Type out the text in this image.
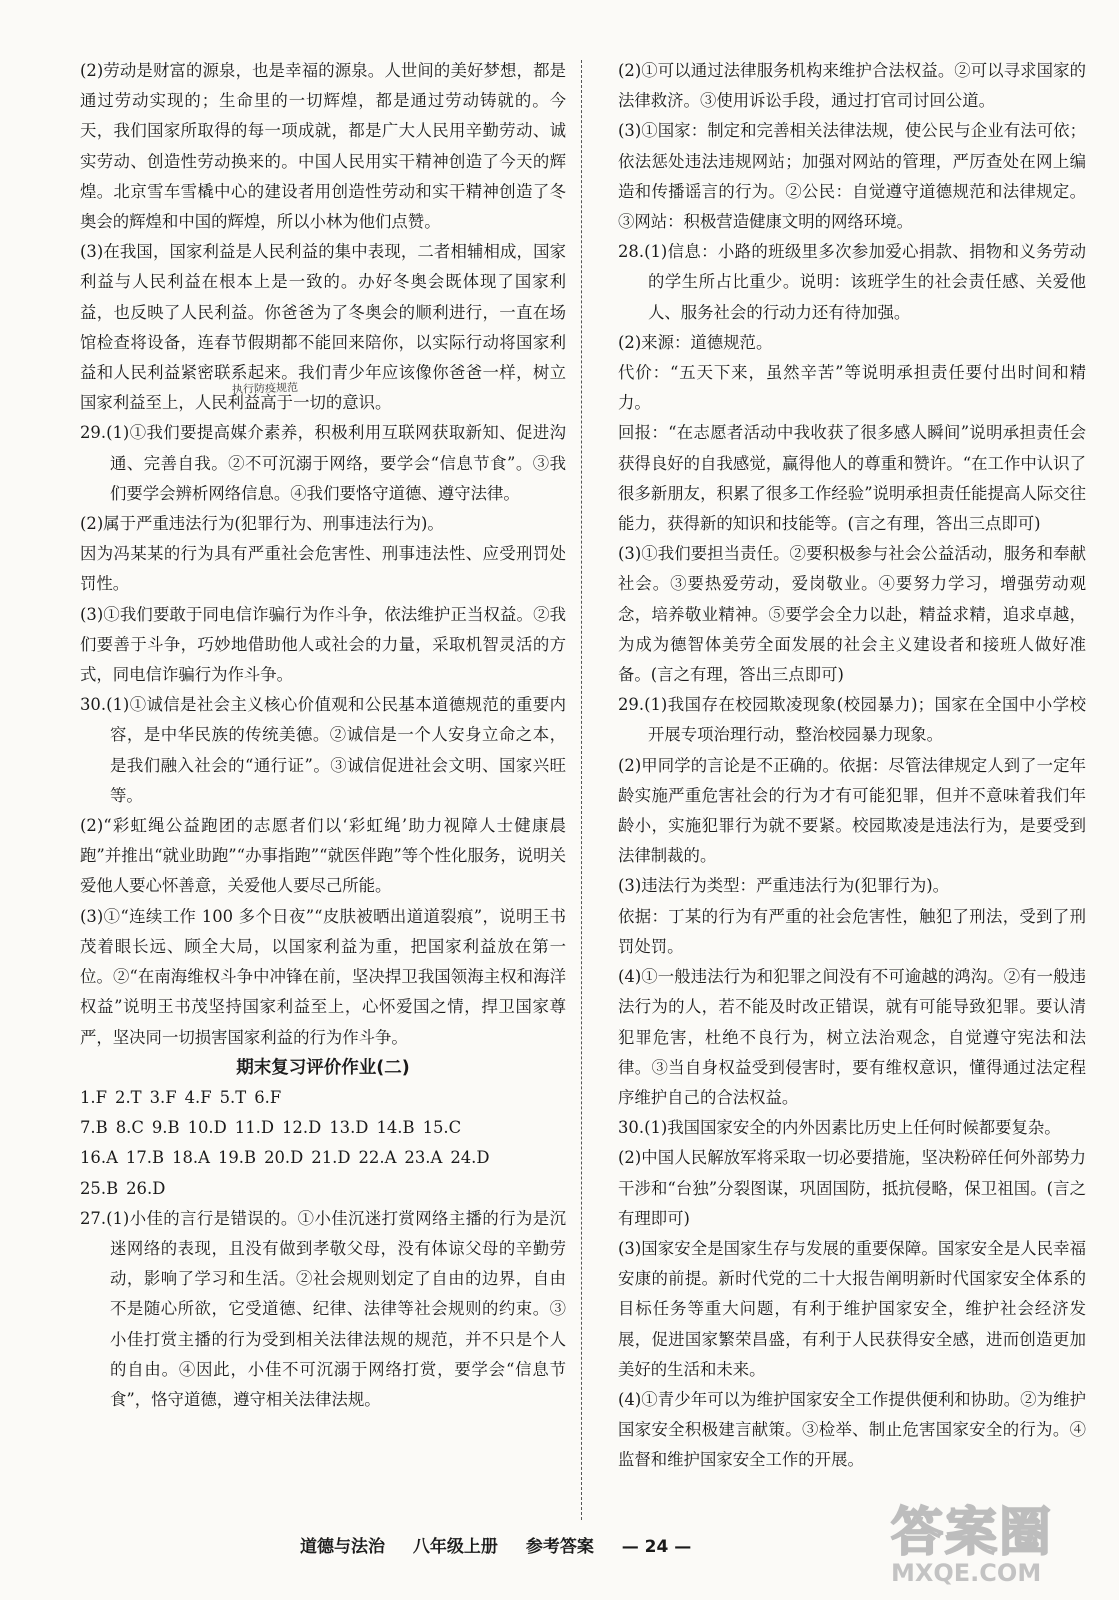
(2)劳动是财富的源泉，也是幸福的源泉。人世间的美好梦想，都是通过劳动实现的；生命里的一切辉煌，都是通过劳动铸就的。今天，我们国家所取得的每一项成就，都是广大人民用辛勤劳动、诚实劳动、创造性劳动换来的。中国人民用实干精神创造了今天的辉煌。北京雪车雪橇中心的建设者用创造性劳动和实干精神创造了冬奥会的辉煌和中国的辉煌，所以小林为他们点赞。

(3)在我国，国家利益是人民利益的集中表现，二者相辅相成，国家利益与人民利益在根本上是一致的。办好冬奥会既体现了国家利益，也反映了人民利益。你爸爸为了冬奥会的顺利进行，一直在场馆检查将设备，连春节假期都不能回来陪你，以实际行动将国家利益和人民利益紧密联系起来。我们青少年应该像你爸爸一样，树立国家利益至上，人民利益高于一切的意识。

29.(1)①我们要提高媒介素养，积极利用互联网获取新知、促进沟通、完善自我。②不可沉溺于网络，要学会“信息节食”。③我们要学会辨析网络信息。④我们要恪守道德、遵守法律。

(2)属于严重违法行为(犯罪行为、刑事违法行为)。

因为冯某某的行为具有严重社会危害性、刑事违法性、应受刑罚处罚性。

(3)①我们要敢于同电信诈骗行为作斗争，依法维护正当权益。②我们要善于斗争，巧妙地借助他人或社会的力量，采取机智灵活的方式，同电信诈骗行为作斗争。

30.(1)①诚信是社会主义核心价值观和公民基本道德规范的重要内容，是中华民族的传统美德。②诚信是一个人安身立命之本，是我们融入社会的“通行证”。③诚信促进社会文明、国家兴旺等。

(2)“彩虹绳公益跑团的志愿者们以‘彩虹绳’助力视障人士健康晨跑”并推出“就业助跑”“办事指跑”“就医伴跑”等个性化服务，说明关爱他人要心怀善意，关爱他人要尽己所能。

(3)①“连续工作 100 多个日夜”“皮肤被晒出道道裂痕”，说明王书茂着眼长远、顾全大局，以国家利益为重，把国家利益放在第一位。②“在南海维权斗争中冲锋在前，坚决捍卫我国领海主权和海洋权益”说明王书茂坚持国家利益至上，心怀爱国之情，捍卫国家尊严，坚决同一切损害国家利益的行为作斗争。

期末复习评价作业(二)

1.F 2.T 3.F 4.F 5.T 6.F

7.B 8.C 9.B 10.D 11.D 12.D 13.D 14.B 15.C

16.A 17.B 18.A 19.B 20.D 21.D 22.A 23.A 24.D

25.B 26.D

27.(1)小佳的言行是错误的。①小佳沉迷打赏网络主播的行为是沉迷网络的表现，且没有做到孝敬父母，没有体谅父母的辛勤劳动，影响了学习和生活。②社会规则划定了自由的边界，自由不是随心所欲，它受道德、纪律、法律等社会规则的约束。③小佳打赏主播的行为受到相关法律法规的规范，并不只是个人的自由。④因此，小佳不可沉溺于网络打赏，要学会“信息节食”，恪守道德，遵守相关法律法规。

(2)①可以通过法律服务机构来维护合法权益。②可以寻求国家的法律救济。③使用诉讼手段，通过打官司讨回公道。

(3)①国家：制定和完善相关法律法规，使公民与企业有法可依；依法惩处违法违规网站；加强对网站的管理，严厉查处在网上编造和传播谣言的行为。②公民：自觉遵守道德规范和法律规定。③网站：积极营造健康文明的网络环境。

28.(1)信息：小路的班级里多次参加爱心捐款、捐物和义务劳动的学生所占比重少。说明：该班学生的社会责任感、关爱他人、服务社会的行动力还有待加强。

(2)来源：道德规范。

代价：“五天下来，虽然辛苦”等说明承担责任要付出时间和精力。

回报：“在志愿者活动中我收获了很多感人瞬间”说明承担责任会获得良好的自我感觉，赢得他人的尊重和赞许。“在工作中认识了很多新朋友，积累了很多工作经验”说明承担责任能提高人际交往能力，获得新的知识和技能等。(言之有理，答出三点即可)

(3)①我们要担当责任。②要积极参与社会公益活动，服务和奉献社会。③要热爱劳动，爱岗敬业。④要努力学习，增强劳动观念，培养敬业精神。⑤要学会全力以赴，精益求精，追求卓越，为成为德智体美劳全面发展的社会主义建设者和接班人做好准备。(言之有理，答出三点即可)

29.(1)我国存在校园欺凌现象(校园暴力)；国家在全国中小学校开展专项治理行动，整治校园暴力现象。

(2)甲同学的言论是不正确的。依据：尽管法律规定人到了一定年龄实施严重危害社会的行为才有可能犯罪，但并不意味着我们年龄小，实施犯罪行为就不要紧。校园欺凌是违法行为，是要受到法律制裁的。

(3)违法行为类型：严重违法行为(犯罪行为)。

依据：丁某的行为有严重的社会危害性，触犯了刑法，受到了刑罚处罚。

(4)①一般违法行为和犯罪之间没有不可逾越的鸿沟。②有一般违法行为的人，若不能及时改正错误，就有可能导致犯罪。要认清犯罪危害，杜绝不良行为，树立法治观念，自觉遵守宪法和法律。③当自身权益受到侵害时，要有维权意识，懂得通过法定程序维护自己的合法权益。

30.(1)我国国家安全的内外因素比历史上任何时候都要复杂。

(2)中国人民解放军将采取一切必要措施，坚决粉碎任何外部势力干涉和“台独”分裂图谋，巩固国防，抵抗侵略，保卫祖国。(言之有理即可)

(3)国家安全是国家生存与发展的重要保障。国家安全是人民幸福安康的前提。新时代党的二十大报告阐明新时代国家安全体系的目标任务等重大问题，有利于维护国家安全，维护社会经济发展，促进国家繁荣昌盛，有利于人民获得安全感，进而创造更加美好的生活和未来。

(4)①青少年可以为维护国家安全工作提供便利和协助。②为维护国家安全积极建言献策。③检举、制止危害国家安全的行为。④监督和维护国家安全工作的开展。

执行防疫规范
道德与法治 八年级上册 参考答案 — 24 —	答案圈
MXQE.COM
